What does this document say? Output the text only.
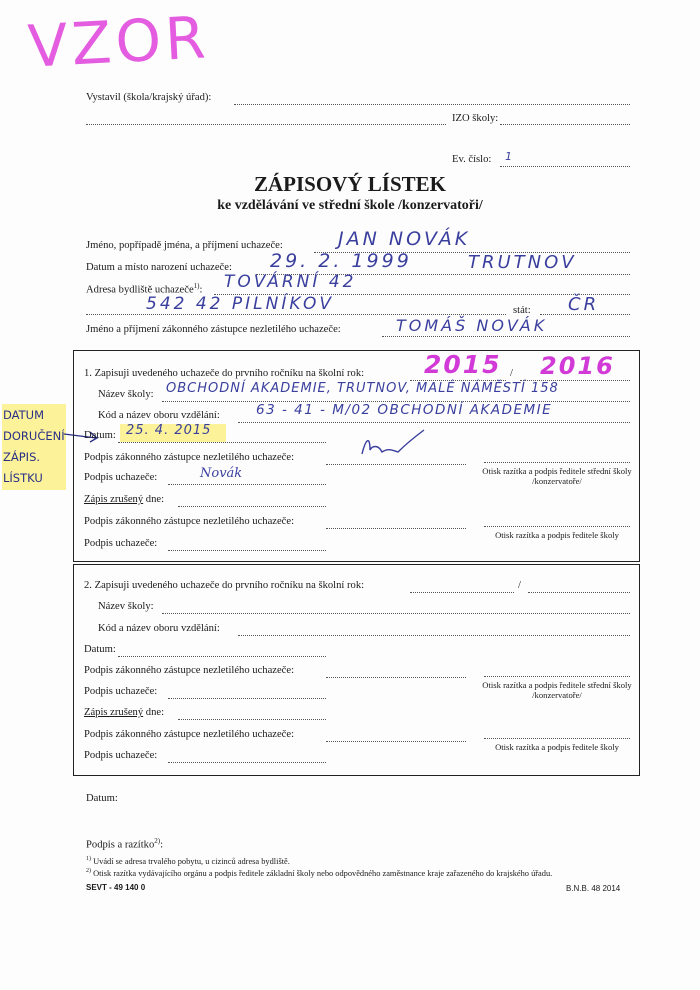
VZOR
Vystavil (škola/krajský úřad):
IZO školy:
Ev. číslo: 1
ZÁPISOVÝ LÍSTEK
ke vzdělávání ve střední škole /konzervatoři/
Jméno, popřípadě jména, a příjmení uchazeče:	JAN NOVÁK
Datum a místo narození uchazeče: 29. 2. 1999	TRUTNOV
Adresa bydliště uchazeče$^{1)}$: TOVÁRNÍ 42
542 42 PILNÍKOV	stát: ČR
Jméno a příjmení zákonného zástupce nezletilého uchazeče:	TOMÁŠ NOVÁK
DATUM
DORUČENÍ
ZÁPIS.
LÍSTKU
1. Zapisuji uvedeného uchazeče do prvního ročníku na školní rok:	/
2015 2016
Název školy: OBCHODNÍ AKADEMIE, TRUTNOV, MALÉ NÁMĚSTÍ 158
Kód a název oboru vzdělání:	63 - 41 - M/02 OBCHODNÍ AKADEMIE
Datum: 25. 4. 2015
Podpis zákonného zástupce nezletilého uchazeče:
Podpis uchazeče:	Novák	Otisk razítka a podpis ředitele střední školy /konzervatoře/
Zápis zrušený dne:
Podpis zákonného zástupce nezletilého uchazeče:
Podpis uchazeče:
Otisk razítka a podpis ředitele školy
2. Zapisuji uvedeného uchazeče do prvního ročníku na školní rok:	/
Název školy:
Kód a název oboru vzdělání:
Datum:
Podpis zákonného zástupce nezletilého uchazeče:
Podpis uchazeče:
Otisk razítka a podpis ředitele střední školy /konzervatoře/
Zápis zrušený dne:
Podpis zákonného zástupce nezletilého uchazeče:
Podpis uchazeče:
Otisk razítka a podpis ředitele školy
Datum:
Podpis a razítko$^{2)}$:
$^{1)}$ Uvádí se adresa trvalého pobytu, u cizinců adresa bydliště.
$^{2)}$ Otisk razítka vydávajícího orgánu a podpis ředitele základní školy nebo odpovědného zaměstnance kraje zařazeného do krajského úřadu.
SEVT - 49 140 0	B.N.B. 48 2014
